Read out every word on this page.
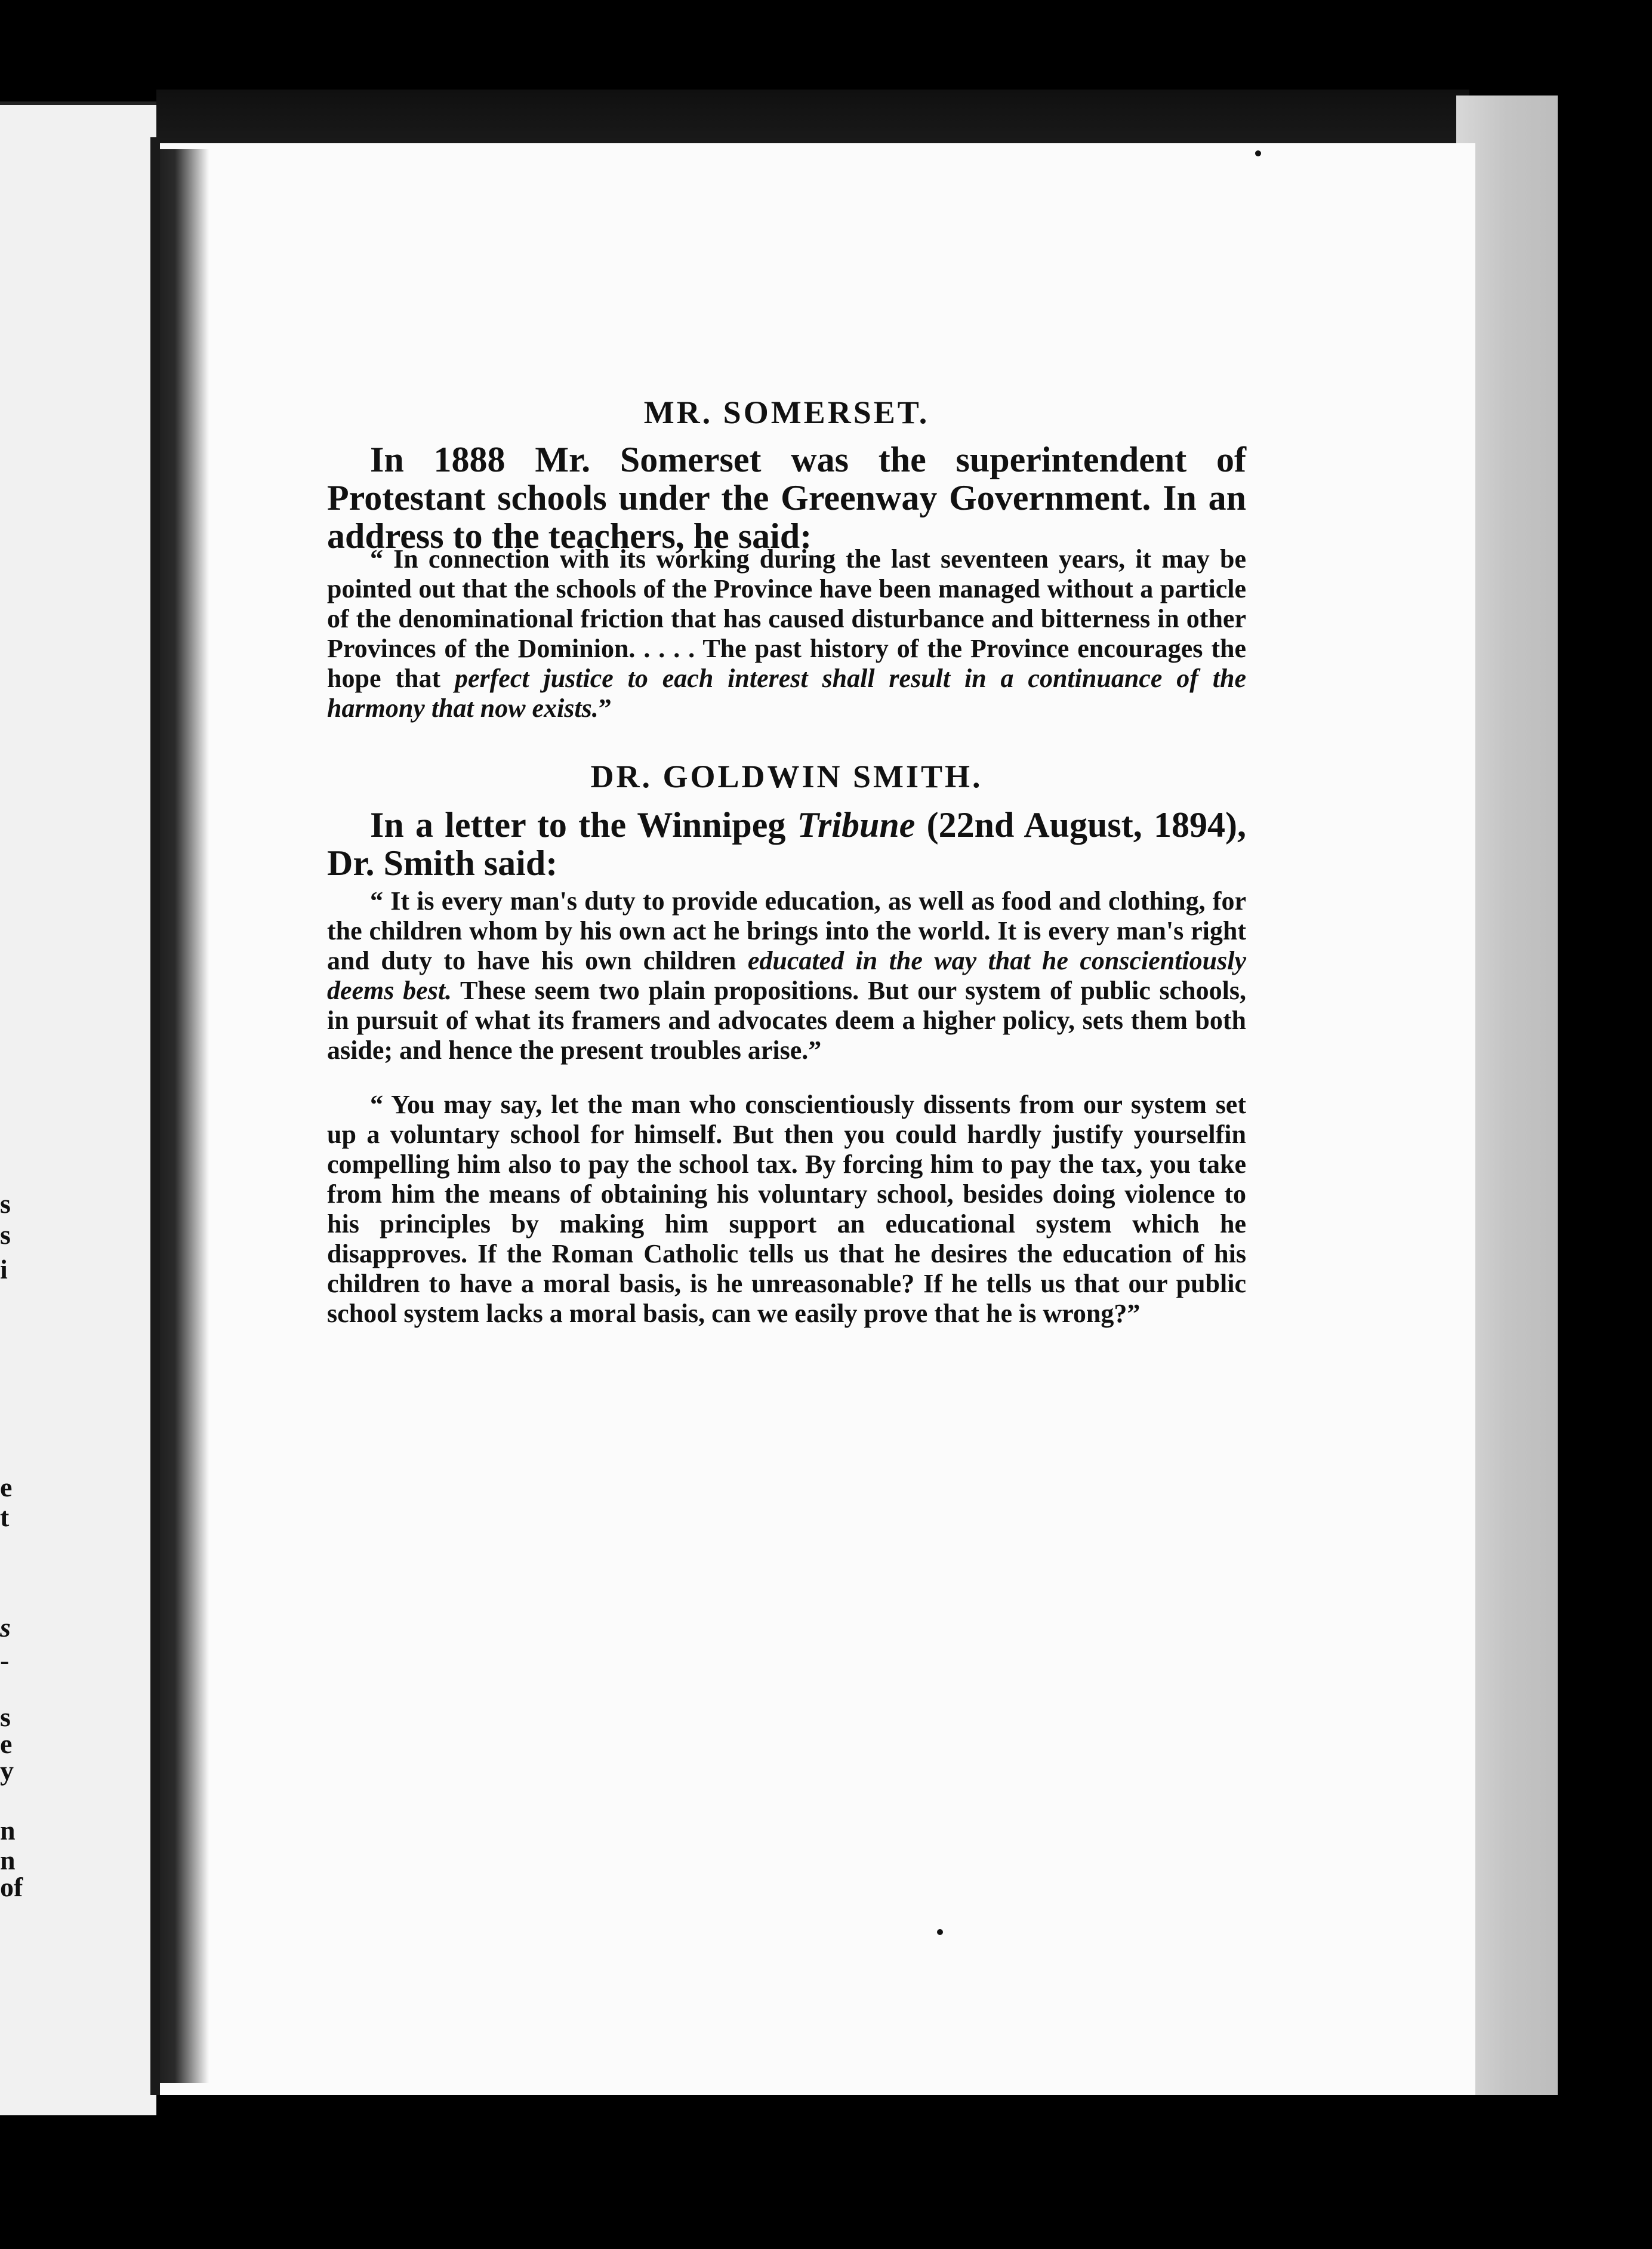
s
s
i
e
t
s
-
s
e
y
n
n
of
MR. SOMERSET.

In 1888 Mr. Somerset was the superintendent of Protestant schools under the Greenway Government. In an address to the teachers, he said:

“ In connection with its working during the last seventeen years, it may be pointed out that the schools of the Province have been managed without a particle of the denominational friction that has caused disturbance and bitterness in other Provinces of the Dominion. . . . . The past history of the Province encourages the hope that perfect justice to each interest shall result in a continuance of the harmony that now exists.”

DR. GOLDWIN SMITH.

In a letter to the Winnipeg Tribune (22nd August, 1894), Dr. Smith said:

“ It is every man's duty to provide education, as well as food and clothing, for the children whom by his own act he brings into the world. It is every man's right and duty to have his own children educated in the way that he conscientiously deems best. These seem two plain propositions. But our system of public schools, in pursuit of what its framers and advocates deem a higher policy, sets them both aside; and hence the present troubles arise.”

“ You may say, let the man who conscientiously dissents from our system set up a voluntary school for himself. But then you could hardly justify yourselfin compelling him also to pay the school tax. By forcing him to pay the tax, you take from him the means of obtaining his voluntary school, besides doing violence to his principles by making him support an educational system which he disapproves. If the Roman Catholic tells us that he desires the education of his children to have a moral basis, is he unreasonable? If he tells us that our public school system lacks a moral basis, can we easily prove that he is wrong?”
